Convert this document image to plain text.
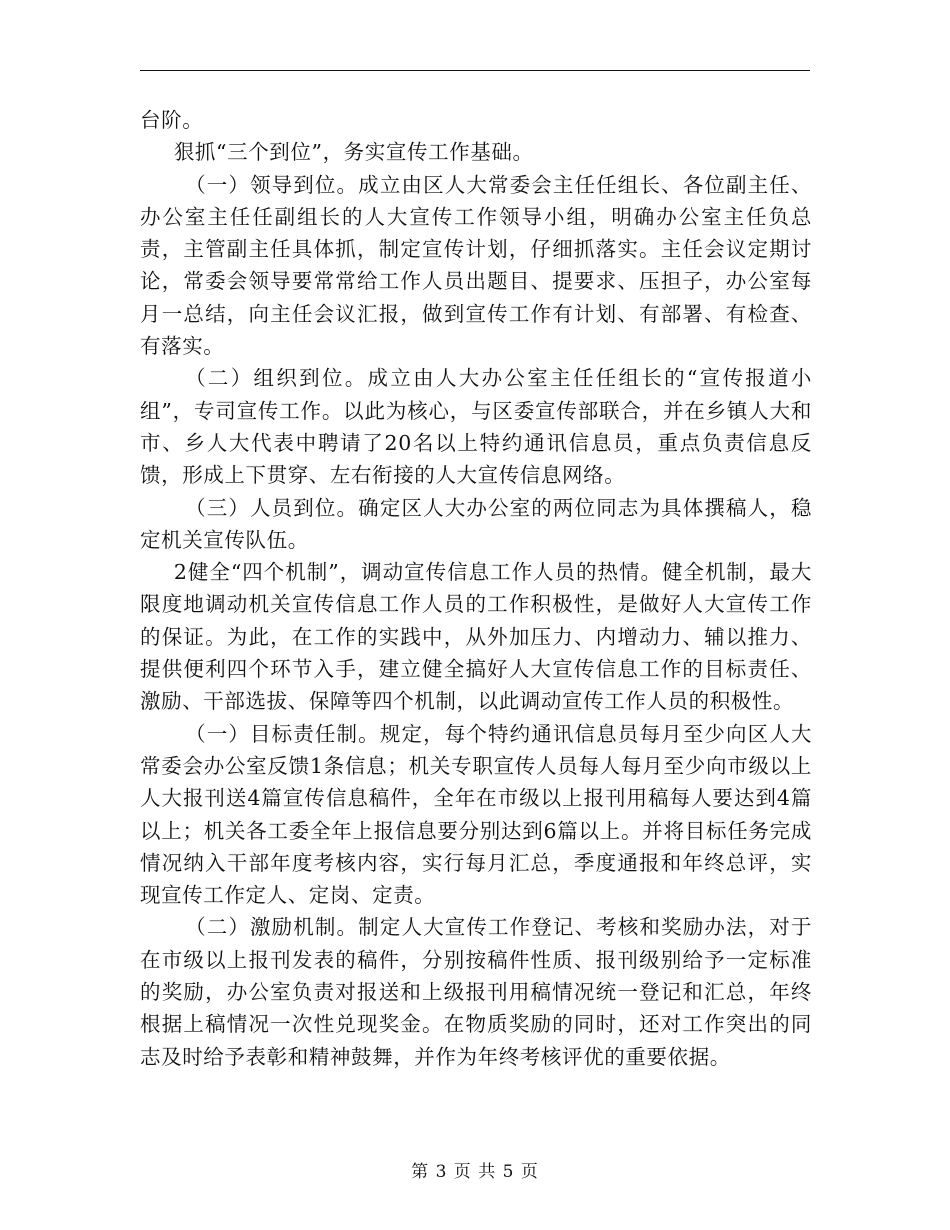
台阶。

狠抓“三个到位”，务实宣传工作基础。

（一）领导到位。成立由区人大常委会主任任组长、各位副主任、办公室主任任副组长的人大宣传工作领导小组，明确办公室主任负总责，主管副主任具体抓，制定宣传计划，仔细抓落实。主任会议定期讨论，常委会领导要常常给工作人员出题目、提要求、压担子，办公室每月一总结，向主任会议汇报，做到宣传工作有计划、有部署、有检查、有落实。

（二）组织到位。成立由人大办公室主任任组长的“宣传报道小组”，专司宣传工作。以此为核心，与区委宣传部联合，并在乡镇人大和市、乡人大代表中聘请了20名以上特约通讯信息员，重点负责信息反馈，形成上下贯穿、左右衔接的人大宣传信息网络。

（三）人员到位。确定区人大办公室的两位同志为具体撰稿人，稳定机关宣传队伍。

2健全“四个机制”，调动宣传信息工作人员的热情。健全机制，最大限度地调动机关宣传信息工作人员的工作积极性，是做好人大宣传工作的保证。为此，在工作的实践中，从外加压力、内增动力、辅以推力、提供便利四个环节入手，建立健全搞好人大宣传信息工作的目标责任、激励、干部选拔、保障等四个机制，以此调动宣传工作人员的积极性。

（一）目标责任制。规定，每个特约通讯信息员每月至少向区人大常委会办公室反馈1条信息；机关专职宣传人员每人每月至少向市级以上人大报刊送4篇宣传信息稿件，全年在市级以上报刊用稿每人要达到4篇以上；机关各工委全年上报信息要分别达到6篇以上。并将目标任务完成情况纳入干部年度考核内容，实行每月汇总，季度通报和年终总评，实现宣传工作定人、定岗、定责。

（二）激励机制。制定人大宣传工作登记、考核和奖励办法，对于在市级以上报刊发表的稿件，分别按稿件性质、报刊级别给予一定标准的奖励，办公室负责对报送和上级报刊用稿情况统一登记和汇总，年终根据上稿情况一次性兑现奖金。在物质奖励的同时，还对工作突出的同志及时给予表彰和精神鼓舞，并作为年终考核评优的重要依据。

第 3 页 共 5 页
